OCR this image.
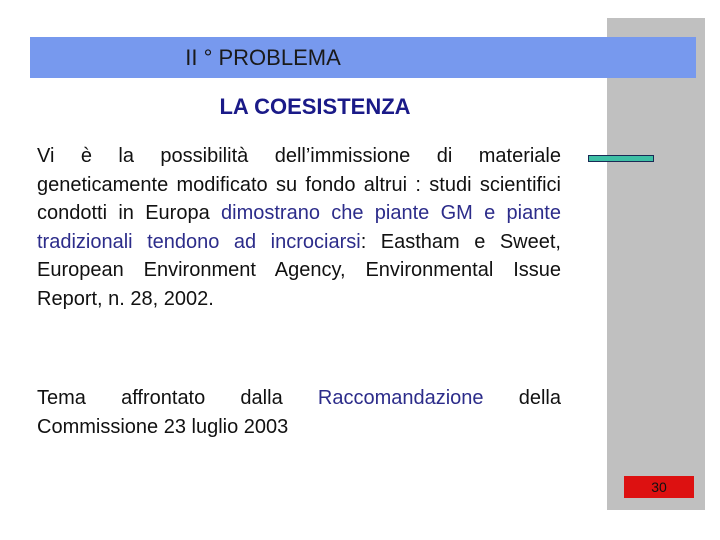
II ° PROBLEMA
LA COESISTENZA
Vi è la possibilità dell’immissione di materiale geneticamente modificato su fondo altrui : studi scientifici condotti in Europa dimostrano che piante GM e piante tradizionali tendono ad incrociarsi: Eastham e Sweet, European Environment Agency, Environmental Issue Report, n. 28, 2002.
Tema affrontato dalla Raccomandazione della Commissione 23 luglio 2003
30
